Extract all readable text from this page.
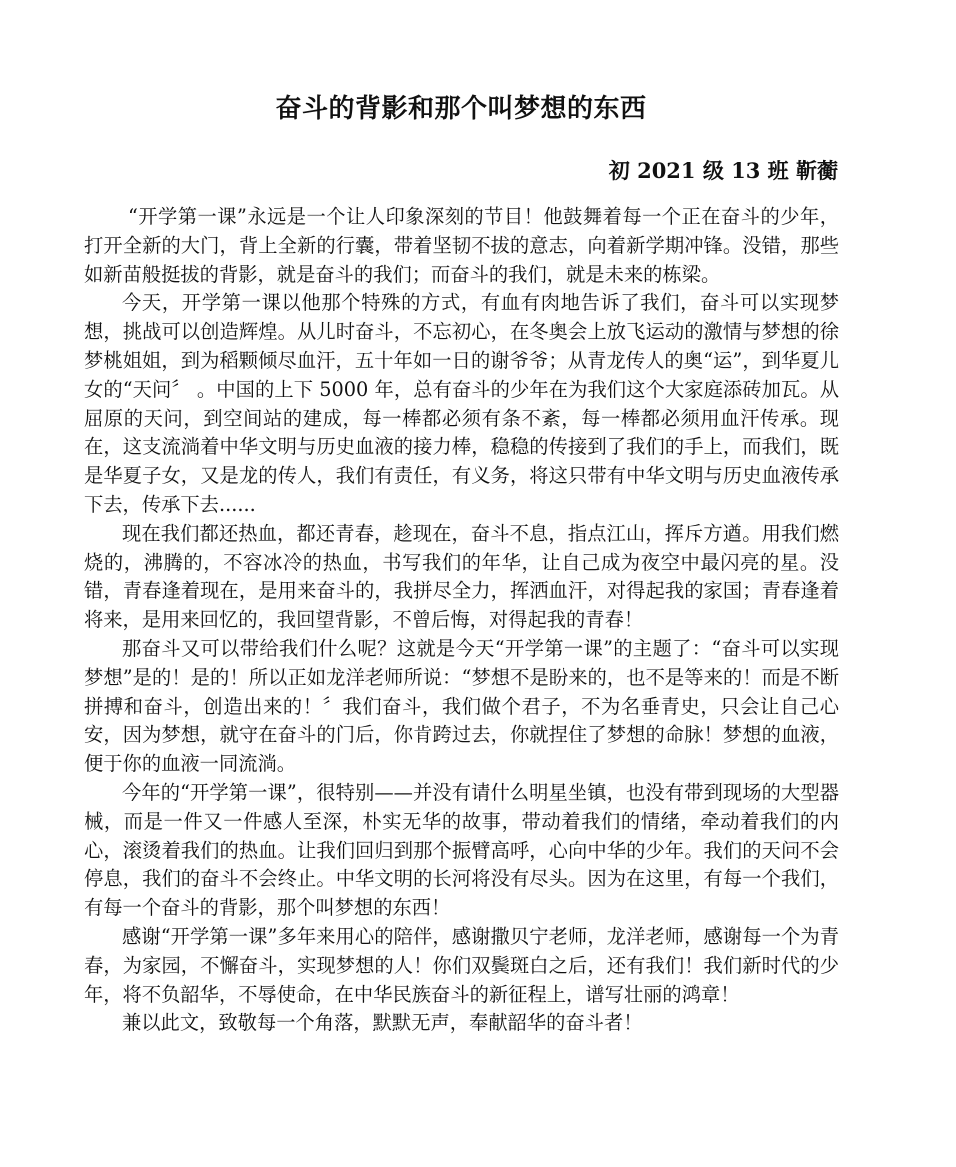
奋斗的背影和那个叫梦想的东西
初 2021 级 13 班 靳蘅

“开学第一课”永远是一个让人印象深刻的节目！他鼓舞着每一个正在奋斗的少年，打开全新的大门，背上全新的行囊，带着坚韧不拔的意志，向着新学期冲锋。没错，那些如新苗般挺拔的背影，就是奋斗的我们；而奋斗的我们，就是未来的栋梁。

今天，开学第一课以他那个特殊的方式，有血有肉地告诉了我们，奋斗可以实现梦想，挑战可以创造辉煌。从儿时奋斗，不忘初心，在冬奥会上放飞运动的激情与梦想的徐梦桃姐姐，到为稻颗倾尽血汗，五十年如一日的谢爷爷；从青龙传人的奥“运”，到华夏儿女的“天问〞 。中国的上下 5000 年，总有奋斗的少年在为我们这个大家庭添砖加瓦。从屈原的天问，到空间站的建成，每一棒都必须有条不紊，每一棒都必须用血汗传承。现在，这支流淌着中华文明与历史血液的接力棒，稳稳的传接到了我们的手上，而我们，既是华夏子女，又是龙的传人，我们有责任，有义务，将这只带有中华文明与历史血液传承下去，传承下去......

现在我们都还热血，都还青春，趁现在，奋斗不息，指点江山，挥斥方遒。用我们燃烧的，沸腾的，不容冰冷的热血，书写我们的年华，让自己成为夜空中最闪亮的星。没错，青春逢着现在，是用来奋斗的，我拼尽全力，挥洒血汗，对得起我的家国；青春逢着将来，是用来回忆的，我回望背影，不曾后悔，对得起我的青春！

那奋斗又可以带给我们什么呢？这就是今天“开学第一课”的主题了：“奋斗可以实现梦想”是的！是的！所以正如龙洋老师所说：“梦想不是盼来的，也不是等来的！而是不断拼搏和奋斗，创造出来的！〞我们奋斗，我们做个君子，不为名垂青史，只会让自己心安，因为梦想，就守在奋斗的门后，你肯跨过去，你就捏住了梦想的命脉！梦想的血液，便于你的血液一同流淌。

今年的“开学第一课”，很特别——并没有请什么明星坐镇，也没有带到现场的大型器械，而是一件又一件感人至深，朴实无华的故事，带动着我们的情绪，牵动着我们的内心，滚烫着我们的热血。让我们回归到那个振臂高呼，心向中华的少年。我们的天问不会停息，我们的奋斗不会终止。中华文明的长河将没有尽头。因为在这里，有每一个我们，有每一个奋斗的背影，那个叫梦想的东西！

感谢“开学第一课”多年来用心的陪伴，感谢撒贝宁老师，龙洋老师，感谢每一个为青春，为家园，不懈奋斗，实现梦想的人！你们双鬓斑白之后，还有我们！我们新时代的少年，将不负韶华，不辱使命，在中华民族奋斗的新征程上，谱写壮丽的鸿章！

兼以此文，致敬每一个角落，默默无声，奉献韶华的奋斗者！
